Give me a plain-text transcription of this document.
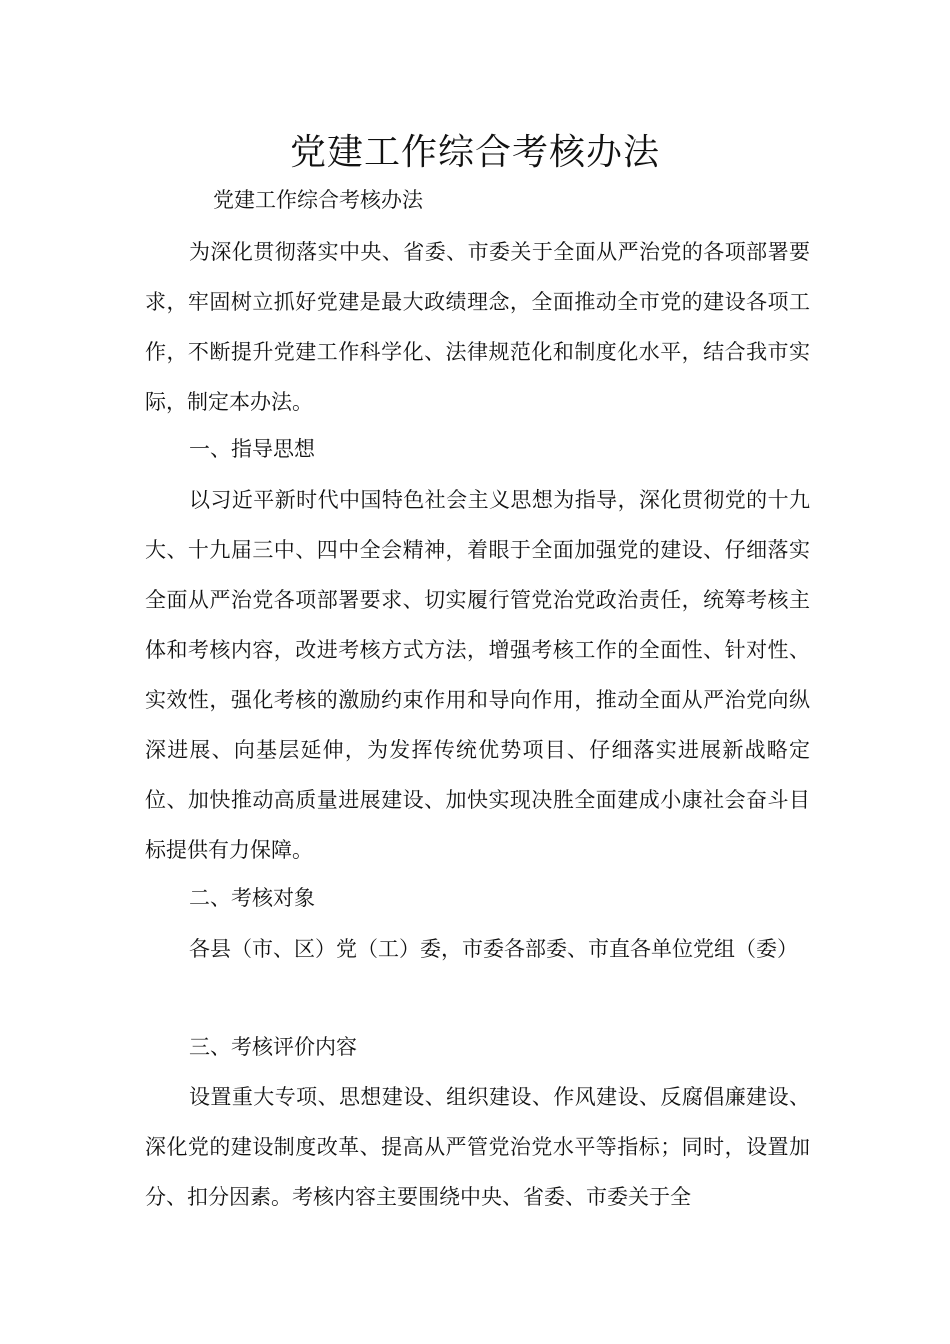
党建工作综合考核办法

党建工作综合考核办法

为深化贯彻落实中央、省委、市委关于全面从严治党的各项部署要求，牢固树立抓好党建是最大政绩理念，全面推动全市党的建设各项工作，不断提升党建工作科学化、法律规范化和制度化水平，结合我市实际，制定本办法。

一、指导思想

以习近平新时代中国特色社会主义思想为指导，深化贯彻党的十九大、十九届三中、四中全会精神，着眼于全面加强党的建设、仔细落实全面从严治党各项部署要求、切实履行管党治党政治责任，统筹考核主体和考核内容，改进考核方式方法，增强考核工作的全面性、针对性、实效性，强化考核的激励约束作用和导向作用，推动全面从严治党向纵深进展、向基层延伸，为发挥传统优势项目、仔细落实进展新战略定位、加快推动高质量进展建设、加快实现决胜全面建成小康社会奋斗目标提供有力保障。

二、考核对象

各县（市、区）党（工）委，市委各部委、市直各单位党组（委）

三、考核评价内容

设置重大专项、思想建设、组织建设、作风建设、反腐倡廉建设、深化党的建设制度改革、提高从严管党治党水平等指标；同时，设置加分、扣分因素。考核内容主要围绕中央、省委、市委关于全
